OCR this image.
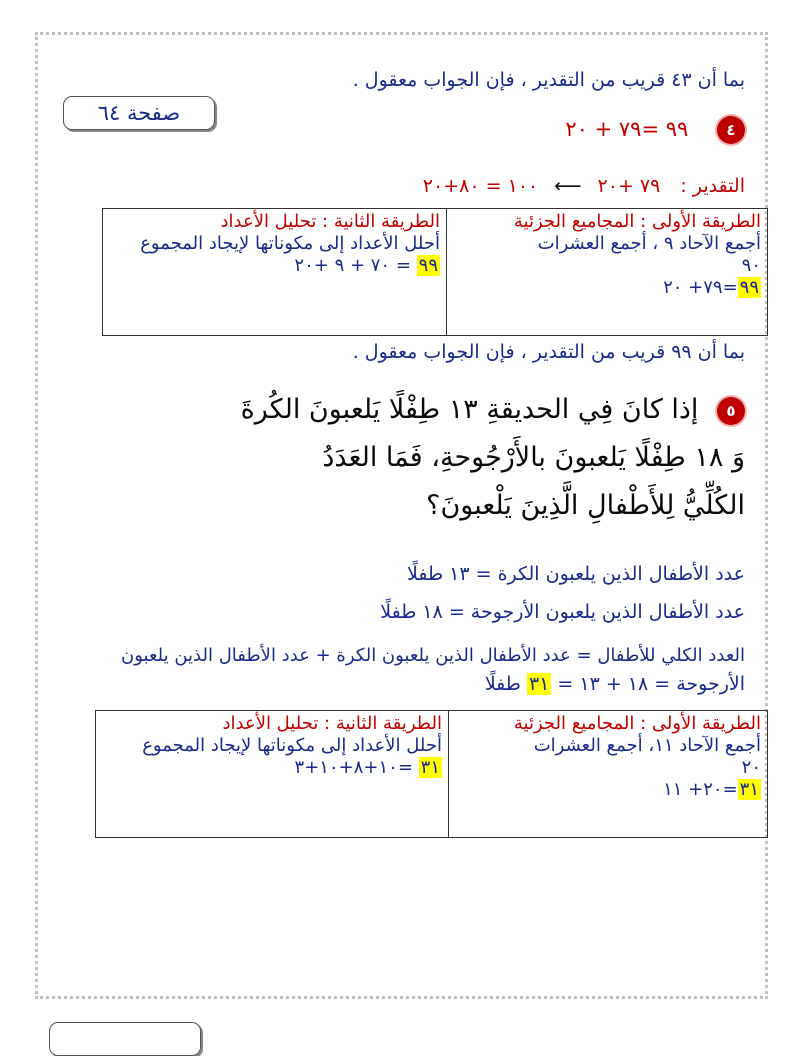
بما أن ٤٣ قريب من التقدير ، فإن الجواب معقول .
صفحة ٦٤
٤ ٩٩ =٧٩ + ٢٠
التقدير : ٧٩ +٢٠ ⟵ ١٠٠ = ٨٠+٢٠
الطريقة الأولى : المجاميع الجزئية
أجمع الآحاد ٩ ، أجمع العشرات
٩٠
٩٩=٧٩+ ٢٠

الطريقة الثانية : تحليل الأعداد
أحلل الأعداد إلى مكوناتها لإيجاد المجموع
٩٩ = ٧٠ + ٩ +٢٠
بما أن ٩٩ قريب من التقدير ، فإن الجواب معقول .
٥ إذا كانَ فِي الحديقةِ ١٣ طِفْلًا يَلعبونَ الكُرةَ
وَ ١٨ طِفْلًا يَلعبونَ بالأَرْجُوحةِ، فَمَا العَدَدُ
الكُلِّيُّ لِلأَطْفالِ الَّذِينَ يَلْعبونَ؟
عدد الأطفال الذين يلعبون الكرة = ١٣ طفلًا
عدد الأطفال الذين يلعبون الأرجوحة = ١٨ طفلًا
العدد الكلي للأطفال = عدد الأطفال الذين يلعبون الكرة + عدد الأطفال الذين يلعبون
الأرجوحة = ١٨ + ١٣ = ٣١ طفلًا
الطريقة الأولى : المجاميع الجزئية
أجمع الآحاد ١١، أجمع العشرات
٢٠
٣١=٢٠+ ١١

الطريقة الثانية : تحليل الأعداد
أحلل الأعداد إلى مكوناتها لإيجاد المجموع
٣١ =١٠+٨+١٠+٣
